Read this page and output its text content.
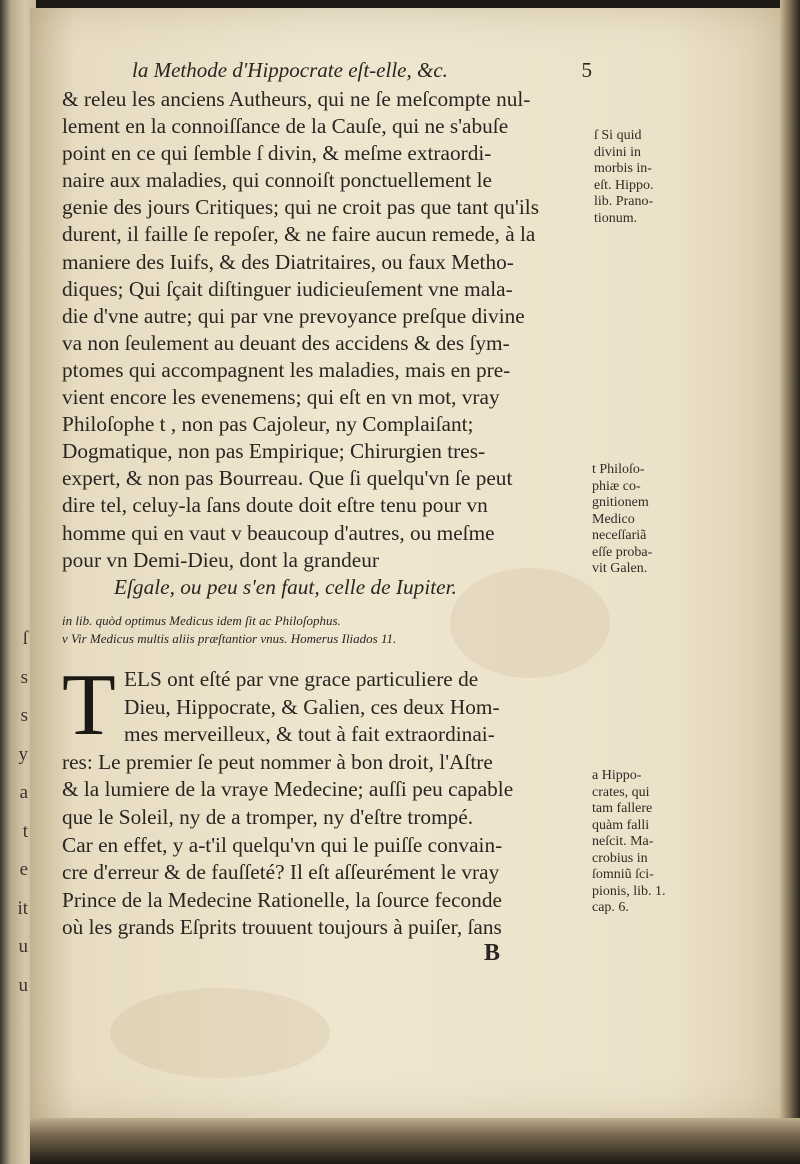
ſ
s
s
y
a
t
e
it
u
u
la Methode d'Hippocrate eſt-elle, &c.	5
& releu les anciens Autheurs, qui ne ſe meſcompte nul-
lement en la connoiſſance de la Cauſe, qui ne s'abuſe
point en ce qui ſemble ſ divin, & meſme extraordi-
naire aux maladies, qui connoiſt ponctuellement le
genie des jours Critiques; qui ne croit pas que tant qu'ils
durent, il faille ſe repoſer, & ne faire aucun remede, à la
maniere des Iuifs, & des Diatritaires, ou faux Metho-
diques; Qui ſçait diſtinguer iudicieuſement vne mala-
die d'vne autre; qui par vne prevoyance preſque divine
va non ſeulement au deuant des accidens & des ſym-
ptomes qui accompagnent les maladies, mais en pre-
vient encore les evenemens; qui eſt en vn mot, vray
Philoſophe t , non pas Cajoleur, ny Complaiſant;
Dogmatique, non pas Empirique; Chirurgien tres-
expert, & non pas Bourreau. Que ſi quelqu'vn ſe peut
dire tel, celuy-la ſans doute doit eſtre tenu pour vn
homme qui en vaut v beaucoup d'autres, ou meſme
pour vn Demi-Dieu, dont la grandeur
Eſgale, ou peu s'en faut, celle de Iupiter.
ſ Si quid
divini in
morbis in-
eſt. Hippo.
lib. Prano-
tionum.
t Philoſo-
phiæ co-
gnitionem
Medico
neceſſariã
eſſe proba-
vit Galen.
in lib. quòd optimus Medicus idem ſit ac Philoſophus.
v Vir Medicus multis aliis præſtantior vnus. Homerus Iliados 11.
T ELS ont eſté par vne grace particuliere de
Dieu, Hippocrate, & Galien, ces deux Hom-
mes merveilleux, & tout à fait extraordinai-
res: Le premier ſe peut nommer à bon droit, l'Aſtre
& la lumiere de la vraye Medecine; auſſi peu capable
que le Soleil, ny de a tromper, ny d'eſtre trompé.
Car en effet, y a-t'il quelqu'vn qui le puiſſe convain-
cre d'erreur & de fauſſeté? Il eſt aſſeurément le vray
Prince de la Medecine Rationelle, la ſource feconde
où les grands Eſprits trouuent toujours à puiſer, ſans
a Hippo-
crates, qui
tam fallere
quàm falli
neſcit. Ma-
crobius in
ſomniũ ſci-
pionis, lib. 1.
cap. 6.
B
